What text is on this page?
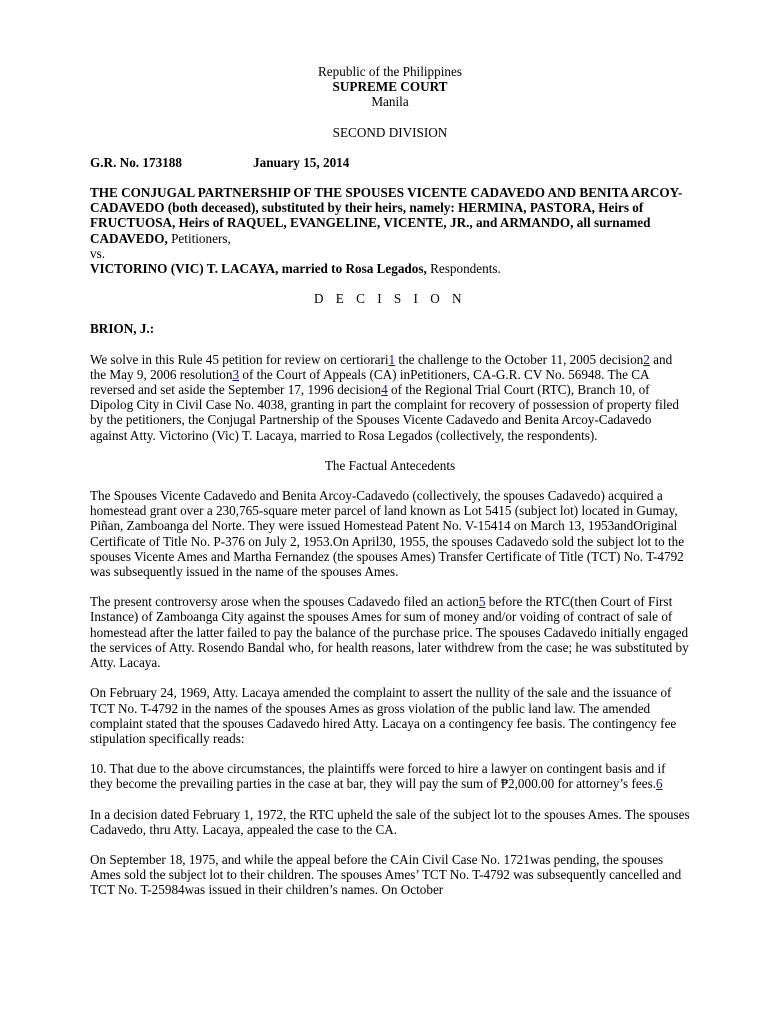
Republic of the Philippines
SUPREME COURT
Manila

SECOND DIVISION

G.R. No. 173188	January 15, 2014

THE CONJUGAL PARTNERSHIP OF THE SPOUSES VICENTE CADAVEDO AND BENITA ARCOY-CADAVEDO (both deceased), substituted by their heirs, namely: HERMINA, PASTORA, Heirs of FRUCTUOSA, Heirs of RAQUEL, EVANGELINE, VICENTE, JR., and ARMANDO, all surnamed CADAVEDO, Petitioners,

vs.

VICTORINO (VIC) T. LACAYA, married to Rosa Legados, Respondents.

D E C I S I O N

BRION, J.:

We solve in this Rule 45 petition for review on certiorari1 the challenge to the October 11, 2005 decision2 and the May 9, 2006 resolution3 of the Court of Appeals (CA) inPetitioners, CA-G.R. CV No. 56948. The CA reversed and set aside the September 17, 1996 decision4 of the Regional Trial Court (RTC), Branch 10, of Dipolog City in Civil Case No. 4038, granting in part the complaint for recovery of possession of property filed by the petitioners, the Conjugal Partnership of the Spouses Vicente Cadavedo and Benita Arcoy-Cadavedo against Atty. Victorino (Vic) T. Lacaya, married to Rosa Legados (collectively, the respondents).

The Factual Antecedents

The Spouses Vicente Cadavedo and Benita Arcoy-Cadavedo (collectively, the spouses Cadavedo) acquired a homestead grant over a 230,765-square meter parcel of land known as Lot 5415 (subject lot) located in Gumay, Piñan, Zamboanga del Norte. They were issued Homestead Patent No. V-15414 on March 13, 1953andOriginal Certificate of Title No. P-376 on July 2, 1953.On April30, 1955, the spouses Cadavedo sold the subject lot to the spouses Vicente Ames and Martha Fernandez (the spouses Ames) Transfer Certificate of Title (TCT) No. T-4792 was subsequently issued in the name of the spouses Ames.

The present controversy arose when the spouses Cadavedo filed an action5 before the RTC(then Court of First Instance) of Zamboanga City against the spouses Ames for sum of money and/or voiding of contract of sale of homestead after the latter failed to pay the balance of the purchase price. The spouses Cadavedo initially engaged the services of Atty. Rosendo Bandal who, for health reasons, later withdrew from the case; he was substituted by Atty. Lacaya.

On February 24, 1969, Atty. Lacaya amended the complaint to assert the nullity of the sale and the issuance of TCT No. T-4792 in the names of the spouses Ames as gross violation of the public land law. The amended complaint stated that the spouses Cadavedo hired Atty. Lacaya on a contingency fee basis. The contingency fee stipulation specifically reads:

10. That due to the above circumstances, the plaintiffs were forced to hire a lawyer on contingent basis and if they become the prevailing parties in the case at bar, they will pay the sum of ₱2,000.00 for attorney’s fees.6

In a decision dated February 1, 1972, the RTC upheld the sale of the subject lot to the spouses Ames. The spouses Cadavedo, thru Atty. Lacaya, appealed the case to the CA.

On September 18, 1975, and while the appeal before the CAin Civil Case No. 1721was pending, the spouses Ames sold the subject lot to their children. The spouses Ames’ TCT No. T-4792 was subsequently cancelled and TCT No. T-25984was issued in their children’s names. On October
